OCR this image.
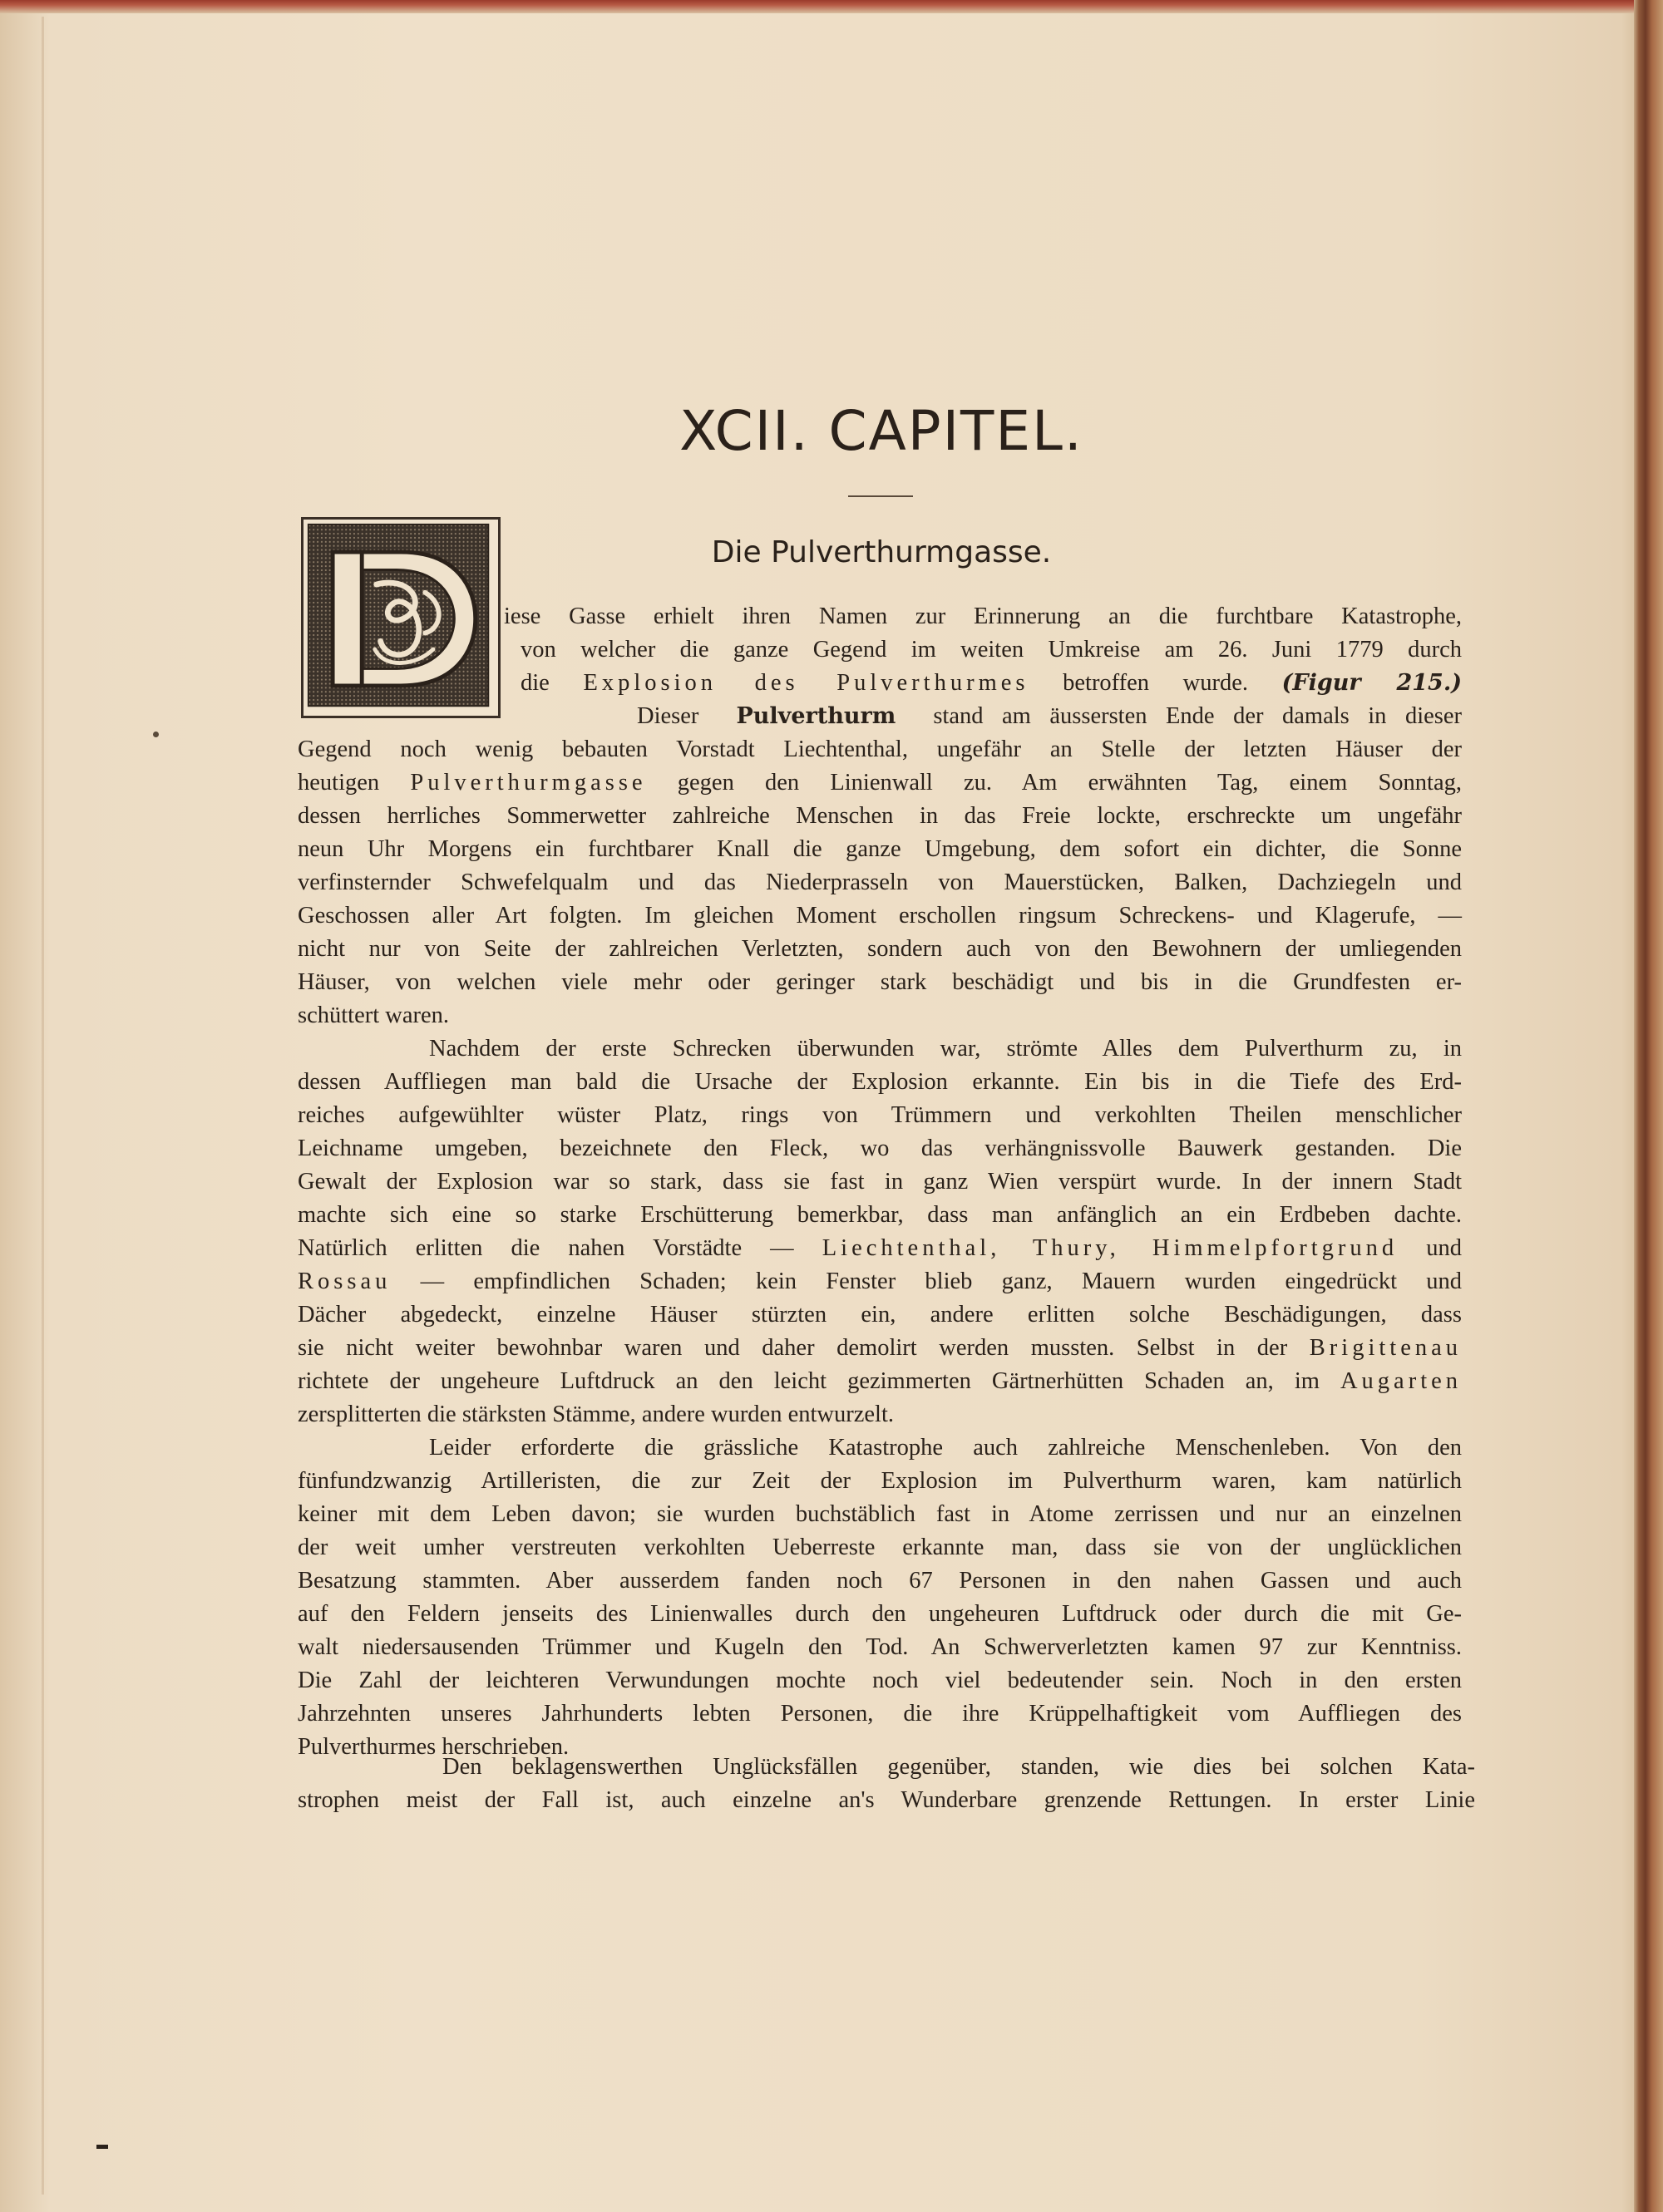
XCII. CAPITEL.
Die Pulverthurmgasse.
iese Gasse erhielt ihren Namen zur Erinnerung an die furchtbare Katastrophe,
von welcher die ganze Gegend im weiten Umkreise am 26. Juni 1779 durch
die Explosion des Pulverthurmes betroffen wurde. (Figur 215.)
Dieser Pulverthurm stand am äussersten Ende der damals in dieser
Gegend noch wenig bebauten Vorstadt Liechtenthal, ungefähr an Stelle der letzten Häuser der
heutigen Pulverthurmgasse gegen den Linienwall zu. Am erwähnten Tag, einem Sonntag,
dessen herrliches Sommerwetter zahlreiche Menschen in das Freie lockte, erschreckte um ungefähr
neun Uhr Morgens ein furchtbarer Knall die ganze Umgebung, dem sofort ein dichter, die Sonne
verfinsternder Schwefelqualm und das Niederprasseln von Mauerstücken, Balken, Dachziegeln und
Geschossen aller Art folgten. Im gleichen Moment erschollen ringsum Schreckens- und Klagerufe, —
nicht nur von Seite der zahlreichen Verletzten, sondern auch von den Bewohnern der umliegenden
Häuser, von welchen viele mehr oder geringer stark beschädigt und bis in die Grundfesten er-
schüttert waren.
Nachdem der erste Schrecken überwunden war, strömte Alles dem Pulverthurm zu, in
dessen Auffliegen man bald die Ursache der Explosion erkannte. Ein bis in die Tiefe des Erd-
reiches aufgewühlter wüster Platz, rings von Trümmern und verkohlten Theilen menschlicher
Leichname umgeben, bezeichnete den Fleck, wo das verhängnissvolle Bauwerk gestanden. Die
Gewalt der Explosion war so stark, dass sie fast in ganz Wien verspürt wurde. In der innern Stadt
machte sich eine so starke Erschütterung bemerkbar, dass man anfänglich an ein Erdbeben dachte.
Natürlich erlitten die nahen Vorstädte — Liechtenthal, Thury, Himmelpfortgrund und
Rossau — empfindlichen Schaden; kein Fenster blieb ganz, Mauern wurden eingedrückt und
Dächer abgedeckt, einzelne Häuser stürzten ein, andere erlitten solche Beschädigungen, dass
sie nicht weiter bewohnbar waren und daher demolirt werden mussten. Selbst in der Brigittenau
richtete der ungeheure Luftdruck an den leicht gezimmerten Gärtnerhütten Schaden an, im Augarten
zersplitterten die stärksten Stämme, andere wurden entwurzelt.
Leider erforderte die grässliche Katastrophe auch zahlreiche Menschenleben. Von den
fünfundzwanzig Artilleristen, die zur Zeit der Explosion im Pulverthurm waren, kam natürlich
keiner mit dem Leben davon; sie wurden buchstäblich fast in Atome zerrissen und nur an einzelnen
der weit umher verstreuten verkohlten Ueberreste erkannte man, dass sie von der unglücklichen
Besatzung stammten. Aber ausserdem fanden noch 67 Personen in den nahen Gassen und auch
auf den Feldern jenseits des Linienwalles durch den ungeheuren Luftdruck oder durch die mit Ge-
walt niedersausenden Trümmer und Kugeln den Tod. An Schwerverletzten kamen 97 zur Kenntniss.
Die Zahl der leichteren Verwundungen mochte noch viel bedeutender sein. Noch in den ersten
Jahrzehnten unseres Jahrhunderts lebten Personen, die ihre Krüppelhaftigkeit vom Auffliegen des
Pulverthurmes herschrieben.
Den beklagenswerthen Unglücksfällen gegenüber, standen, wie dies bei solchen Kata-
strophen meist der Fall ist, auch einzelne an's Wunderbare grenzende Rettungen. In erster Linie
